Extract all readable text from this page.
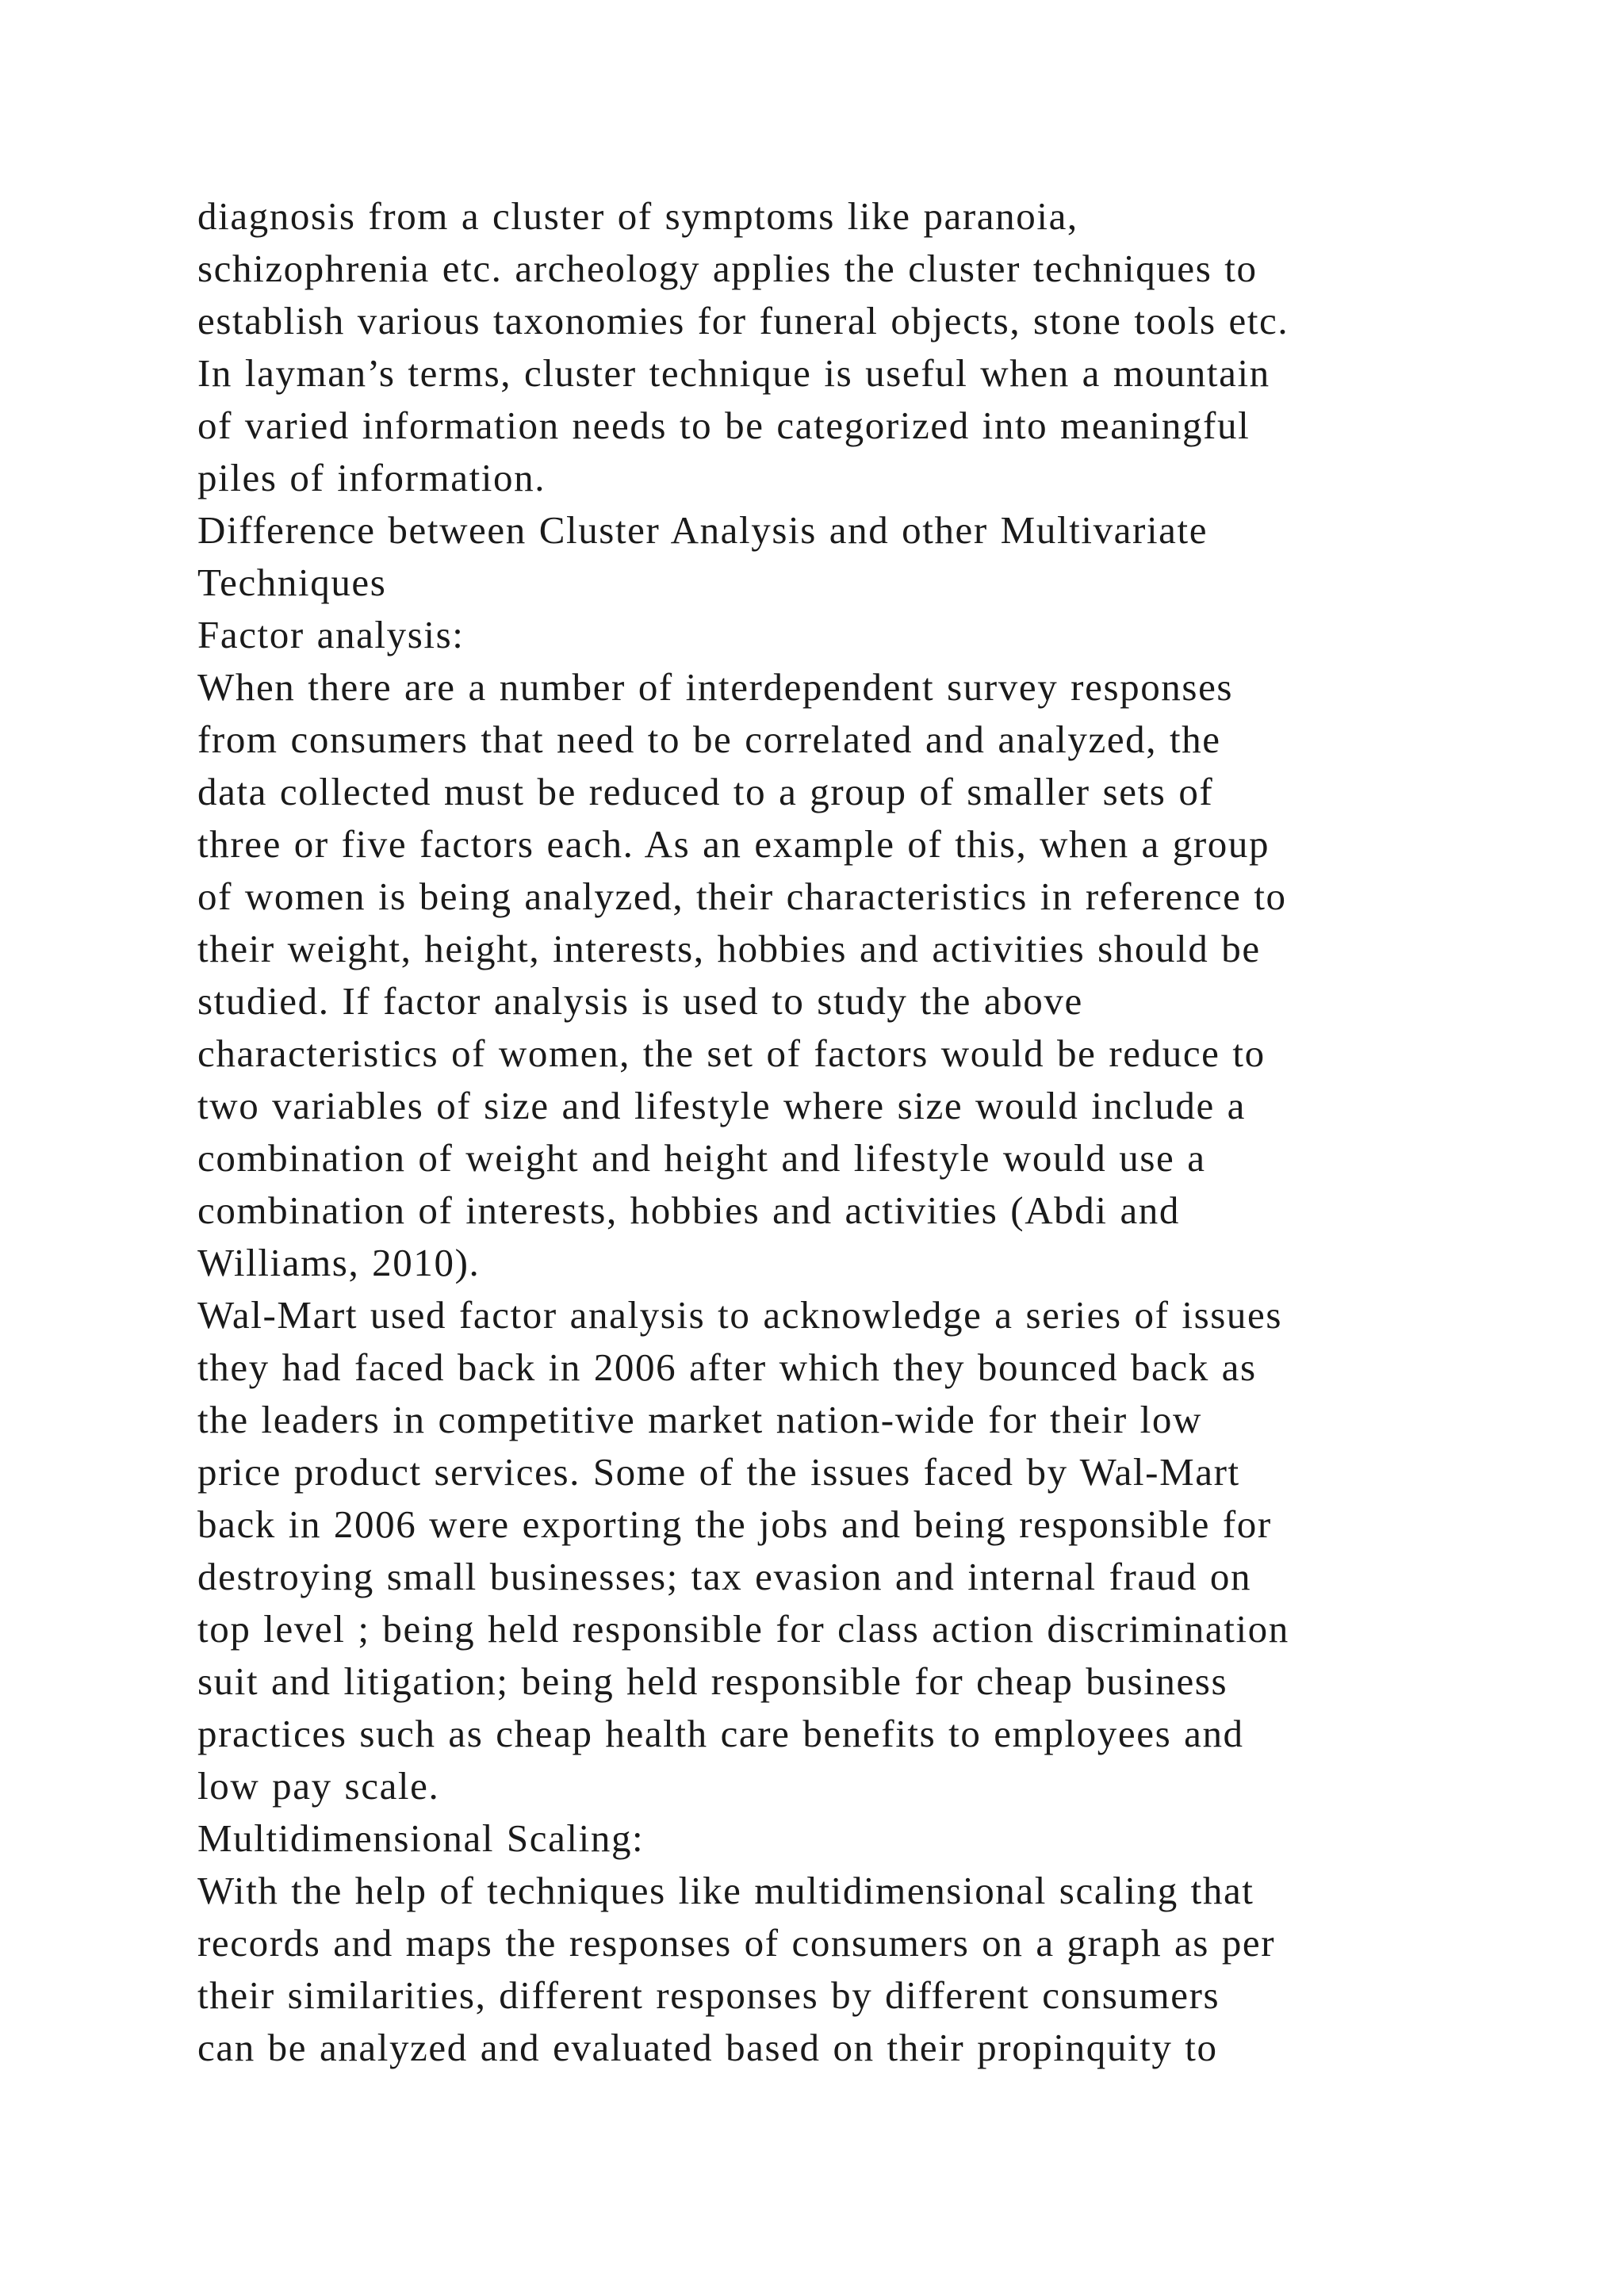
diagnosis from a cluster of symptoms like paranoia,
schizophrenia etc. archeology applies the cluster techniques to
establish various taxonomies for funeral objects, stone tools etc.
In layman’s terms, cluster technique is useful when a mountain
of varied information needs to be categorized into meaningful
piles of information.
Difference between Cluster Analysis and other Multivariate
Techniques
Factor analysis:
When there are a number of interdependent survey responses
from consumers that need to be correlated and analyzed, the
data collected must be reduced to a group of smaller sets of
three or five factors each. As an example of this, when a group
of women is being analyzed, their characteristics in reference to
their weight, height, interests, hobbies and activities should be
studied. If factor analysis is used to study the above
characteristics of women, the set of factors would be reduce to
two variables of size and lifestyle where size would include a
combination of weight and height and lifestyle would use a
combination of interests, hobbies and activities (Abdi and
Williams, 2010).
Wal-Mart used factor analysis to acknowledge a series of issues
they had faced back in 2006 after which they bounced back as
the leaders in competitive market nation-wide for their low
price product services. Some of the issues faced by Wal-Mart
back in 2006 were exporting the jobs and being responsible for
destroying small businesses; tax evasion and internal fraud on
top level ; being held responsible for class action discrimination
suit and litigation; being held responsible for cheap business
practices such as cheap health care benefits to employees and
low pay scale.
Multidimensional Scaling:
With the help of techniques like multidimensional scaling that
records and maps the responses of consumers on a graph as per
their similarities, different responses by different consumers
can be analyzed and evaluated based on their propinquity to
